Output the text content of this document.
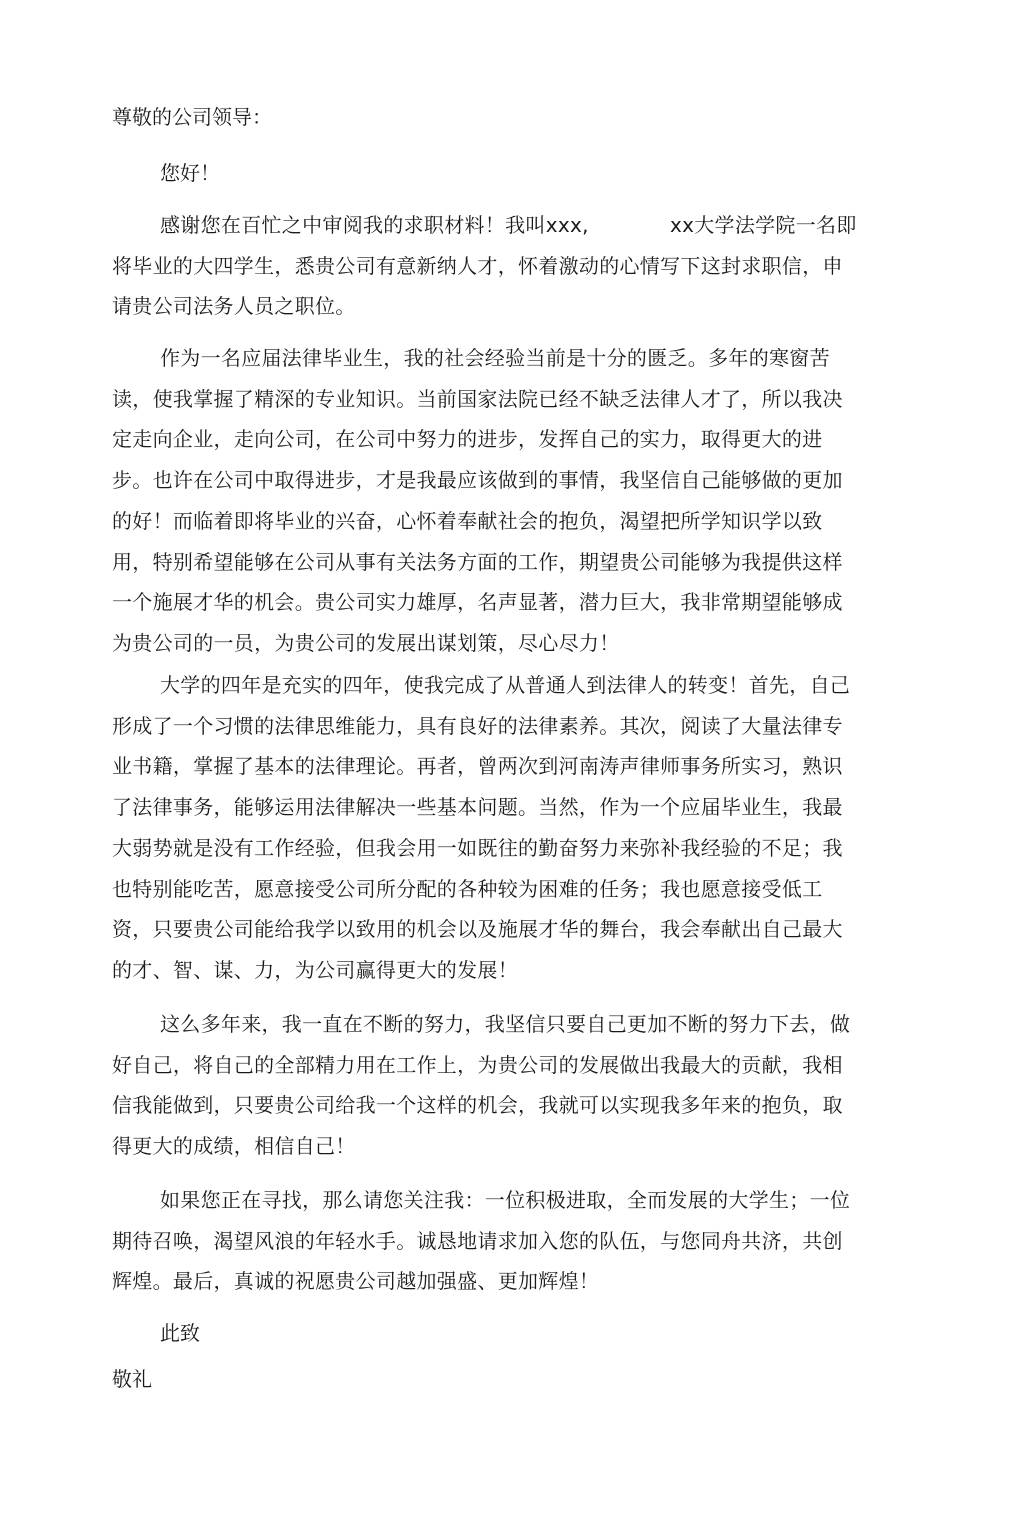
尊敬的公司领导：
您好！

感谢您在百忙之中审阅我的求职材料！我叫xxx,　　　　xx大学法学院一名即将毕业的大四学生，悉贵公司有意新纳人才，怀着激动的心情写下这封求职信，申请贵公司法务人员之职位。

作为一名应届法律毕业生，我的社会经验当前是十分的匮乏。多年的寒窗苦读，使我掌握了精深的专业知识。当前国家法院已经不缺乏法律人才了，所以我决定走向企业，走向公司，在公司中努力的进步，发挥自己的实力，取得更大的进步。也许在公司中取得进步，才是我最应该做到的事情，我坚信自己能够做的更加的好！而临着即将毕业的兴奋，心怀着奉献社会的抱负，渴望把所学知识学以致用，特别希望能够在公司从事有关法务方面的工作，期望贵公司能够为我提供这样一个施展才华的机会。贵公司实力雄厚，名声显著，潜力巨大，我非常期望能够成为贵公司的一员，为贵公司的发展出谋划策，尽心尽力！

大学的四年是充实的四年，使我完成了从普通人到法律人的转变！首先，自己形成了一个习惯的法律思维能力，具有良好的法律素养。其次，阅读了大量法律专业书籍，掌握了基本的法律理论。再者，曾两次到河南涛声律师事务所实习，熟识了法律事务，能够运用法律解决一些基本问题。当然，作为一个应届毕业生，我最大弱势就是没有工作经验，但我会用一如既往的勤奋努力来弥补我经验的不足；我也特别能吃苦，愿意接受公司所分配的各种较为困难的任务；我也愿意接受低工资，只要贵公司能给我学以致用的机会以及施展才华的舞台，我会奉献出自己最大的才、智、谋、力，为公司赢得更大的发展！

这么多年来，我一直在不断的努力，我坚信只要自己更加不断的努力下去，做好自己，将自己的全部精力用在工作上，为贵公司的发展做出我最大的贡献，我相信我能做到，只要贵公司给我一个这样的机会，我就可以实现我多年来的抱负，取得更大的成绩，相信自己！

如果您正在寻找，那么请您关注我：一位积极进取，全而发展的大学生；一位期待召唤，渴望风浪的年轻水手。诚恳地请求加入您的队伍，与您同舟共济，共创辉煌。最后，真诚的祝愿贵公司越加强盛、更加辉煌！

此致
敬礼
